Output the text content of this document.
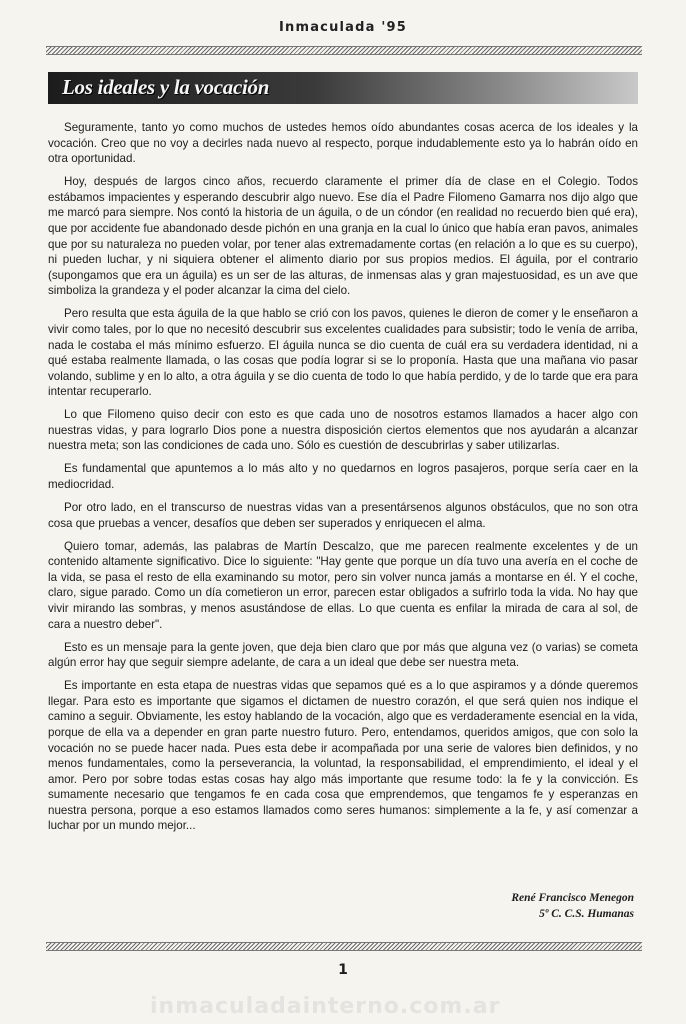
Inmaculada '95
Los ideales y la vocación

Seguramente, tanto yo como muchos de ustedes hemos oído abundantes cosas acerca de los ideales y la vocación. Creo que no voy a decirles nada nuevo al respecto, porque indudablemente esto ya lo habrán oído en otra oportunidad.

Hoy, después de largos cinco años, recuerdo claramente el primer día de clase en el Colegio. Todos estábamos impacientes y esperando descubrir algo nuevo. Ese día el Padre Filomeno Gamarra nos dijo algo que me marcó para siempre. Nos contó la historia de un águila, o de un cóndor (en realidad no recuerdo bien qué era), que por accidente fue abandonado desde pichón en una granja en la cual lo único que había eran pavos, animales que por su naturaleza no pueden volar, por tener alas extremadamente cortas (en relación a lo que es su cuerpo), ni pueden luchar, y ni siquiera obtener el alimento diario por sus propios medios. El águila, por el contrario (supongamos que era un águila) es un ser de las alturas, de inmensas alas y gran majestuosidad, es un ave que simboliza la grandeza y el poder alcanzar la cima del cielo.

Pero resulta que esta águila de la que hablo se crió con los pavos, quienes le dieron de comer y le enseñaron a vivir como tales, por lo que no necesitó descubrir sus excelentes cualidades para subsistir; todo le venía de arriba, nada le costaba el más mínimo esfuerzo. El águila nunca se dio cuenta de cuál era su verdadera identidad, ni a qué estaba realmente llamada, o las cosas que podía lograr si se lo proponía. Hasta que una mañana vio pasar volando, sublime y en lo alto, a otra águila y se dio cuenta de todo lo que había perdido, y de lo tarde que era para intentar recuperarlo.

Lo que Filomeno quiso decir con esto es que cada uno de nosotros estamos llamados a hacer algo con nuestras vidas, y para lograrlo Dios pone a nuestra disposición ciertos elementos que nos ayudarán a alcanzar nuestra meta; son las condiciones de cada uno. Sólo es cuestión de descubrirlas y saber utilizarlas.

Es fundamental que apuntemos a lo más alto y no quedarnos en logros pasajeros, porque sería caer en la mediocridad.

Por otro lado, en el transcurso de nuestras vidas van a presentársenos algunos obstáculos, que no son otra cosa que pruebas a vencer, desafíos que deben ser superados y enriquecen el alma.

Quiero tomar, además, las palabras de Martín Descalzo, que me parecen realmente excelentes y de un contenido altamente significativo. Dice lo siguiente: "Hay gente que porque un día tuvo una avería en el coche de la vida, se pasa el resto de ella examinando su motor, pero sin volver nunca jamás a montarse en él. Y el coche, claro, sigue parado. Como un día cometieron un error, parecen estar obligados a sufrirlo toda la vida. No hay que vivir mirando las sombras, y menos asustándose de ellas. Lo que cuenta es enfilar la mirada de cara al sol, de cara a nuestro deber".

Esto es un mensaje para la gente joven, que deja bien claro que por más que alguna vez (o varias) se cometa algún error hay que seguir siempre adelante, de cara a un ideal que debe ser nuestra meta.

Es importante en esta etapa de nuestras vidas que sepamos qué es a lo que aspiramos y a dónde queremos llegar. Para esto es importante que sigamos el dictamen de nuestro corazón, el que será quien nos indique el camino a seguir. Obviamente, les estoy hablando de la vocación, algo que es verdaderamente esencial en la vida, porque de ella va a depender en gran parte nuestro futuro. Pero, entendamos, queridos amigos, que con solo la vocación no se puede hacer nada. Pues esta debe ir acompañada por una serie de valores bien definidos, y no menos fundamentales, como la perseverancia, la voluntad, la responsabilidad, el emprendimiento, el ideal y el amor. Pero por sobre todas estas cosas hay algo más importante que resume todo: la fe y la convicción. Es sumamente necesario que tengamos fe en cada cosa que emprendemos, que tengamos fe y esperanzas en nuestra persona, porque a eso estamos llamados como seres humanos: simplemente a la fe, y así comenzar a luchar por un mundo mejor...

René Francisco Menegon
5º C. C.S. Humanas
1
inmaculadainterno.com.ar
